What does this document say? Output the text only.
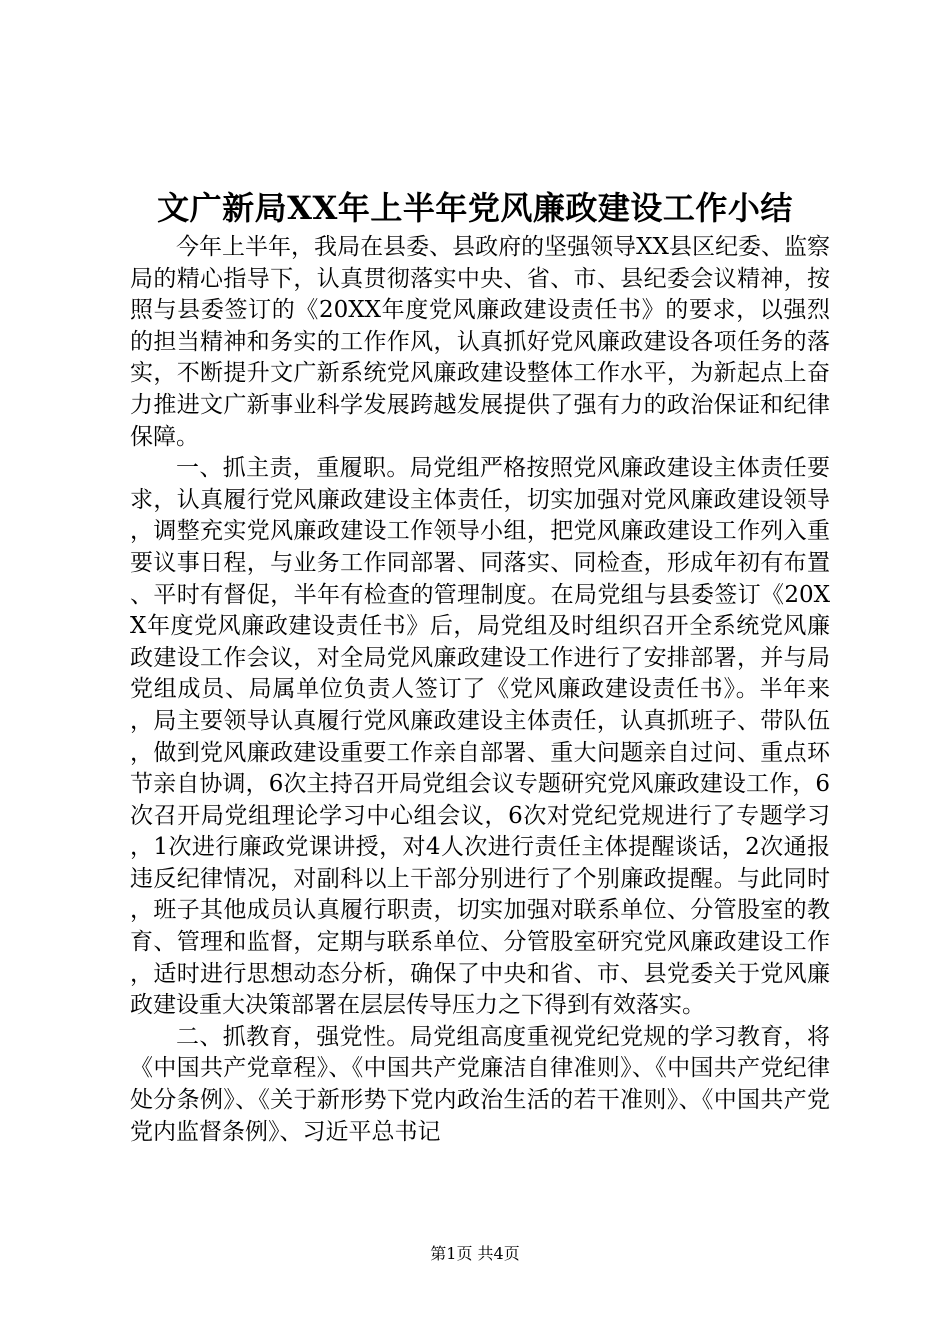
文广新局XX年上半年党风廉政建设工作小结

今年上半年，我局在县委、县政府的坚强领导XX县区纪委、监察局的精心指导下，认真贯彻落实中央、省、市、县纪委会议精神，按照与县委签订的《20XX年度党风廉政建设责任书》的要求，以强烈的担当精神和务实的工作作风，认真抓好党风廉政建设各项任务的落实，不断提升文广新系统党风廉政建设整体工作水平，为新起点上奋力推进文广新事业科学发展跨越发展提供了强有力的政治保证和纪律保障。

一、抓主责，重履职。局党组严格按照党风廉政建设主体责任要求，认真履行党风廉政建设主体责任，切实加强对党风廉政建设领导，调整充实党风廉政建设工作领导小组，把党风廉政建设工作列入重要议事日程，与业务工作同部署、同落实、同检查，形成年初有布置、平时有督促，半年有检查的管理制度。在局党组与县委签订《20XX年度党风廉政建设责任书》后，局党组及时组织召开全系统党风廉政建设工作会议，对全局党风廉政建设工作进行了安排部署，并与局党组成员、局属单位负责人签订了《党风廉政建设责任书》。半年来，局主要领导认真履行党风廉政建设主体责任，认真抓班子、带队伍，做到党风廉政建设重要工作亲自部署、重大问题亲自过问、重点环节亲自协调，6次主持召开局党组会议专题研究党风廉政建设工作，6次召开局党组理论学习中心组会议，6次对党纪党规进行了专题学习，1次进行廉政党课讲授，对4人次进行责任主体提醒谈话，2次通报违反纪律情况，对副科以上干部分别进行了个别廉政提醒。与此同时，班子其他成员认真履行职责，切实加强对联系单位、分管股室的教育、管理和监督，定期与联系单位、分管股室研究党风廉政建设工作，适时进行思想动态分析，确保了中央和省、市、县党委关于党风廉政建设重大决策部署在层层传导压力之下得到有效落实。

二、抓教育，强党性。局党组高度重视党纪党规的学习教育，将《中国共产党章程》、《中国共产党廉洁自律准则》、《中国共产党纪律处分条例》、《关于新形势下党内政治生活的若干准则》、《中国共产党党内监督条例》、习近平总书记

第1页 共4页
